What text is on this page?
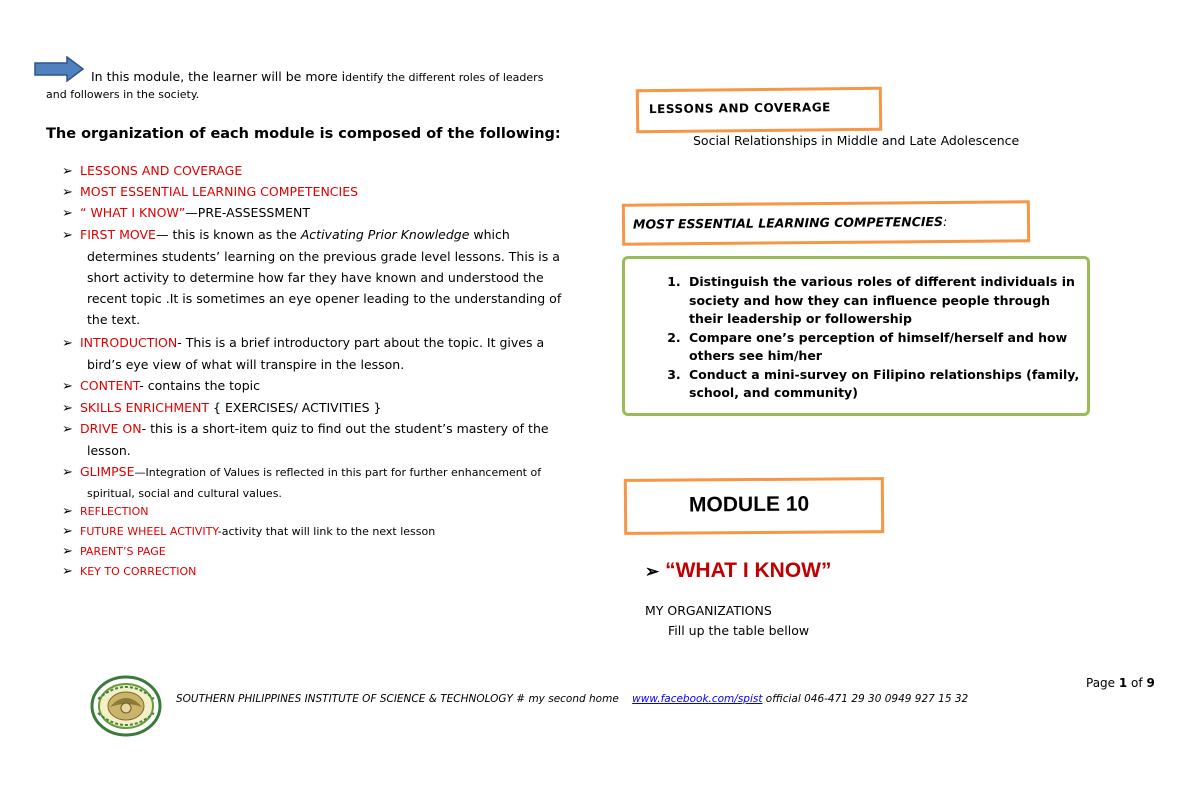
In this module, the learner will be more identify the different roles of leaders
and followers in the society.
The organization of each module is composed of the following:
➢ LESSONS AND COVERAGE
➢ MOST ESSENTIAL LEARNING COMPETENCIES
➢ “ WHAT I KNOW”—PRE-ASSESSMENT
➢ FIRST MOVE— this is known as the Activating Prior Knowledge which
determines students’ learning on the previous grade level lessons. This is a
short activity to determine how far they have known and understood the
recent topic .It is sometimes an eye opener leading to the understanding of
the text.
➢ INTRODUCTION- This is a brief introductory part about the topic. It gives a
bird’s eye view of what will transpire in the lesson.
➢ CONTENT- contains the topic
➢ SKILLS ENRICHMENT { EXERCISES/ ACTIVITIES }
➢ DRIVE ON- this is a short-item quiz to find out the student’s mastery of the
lesson.
➢ GLIMPSE—Integration of Values is reflected in this part for further enhancement of
spiritual, social and cultural values.
➢ REFLECTION
➢ FUTURE WHEEL ACTIVITY-activity that will link to the next lesson
➢ PARENT’S PAGE
➢ KEY TO CORRECTION
LESSONS AND COVERAGE
Social Relationships in Middle and Late Adolescence
MOST ESSENTIAL LEARNING COMPETENCIES:
1. Distinguish the various roles of different individuals in society and how they can influence people through their leadership or followership
2. Compare one’s perception of himself/herself and how others see him/her
3. Conduct a mini-survey on Filipino relationships (family, school, and community)
MODULE 10
➢ “WHAT I KNOW”
MY ORGANIZATIONS
Fill up the table bellow
Page 1 of 9
SOUTHERN PHILIPPINES INSTITUTE OF SCIENCE & TECHNOLOGY # my second home www.facebook.com/spist official 046-471 29 30 0949 927 15 32
